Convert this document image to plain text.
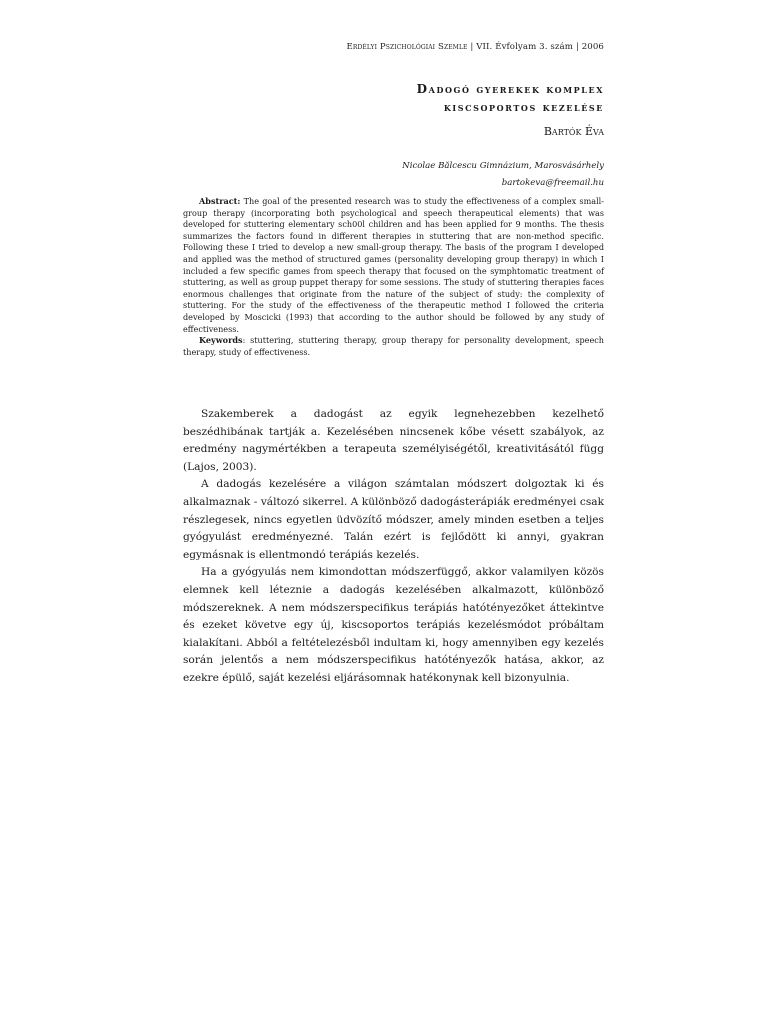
Erdélyi Pszichológiai Szemle | VII. Évfolyam 3. szám | 2006
Dadogó gyerekek komplex
kiscsoportos kezelése
Bartók Éva
Nicolae Bălcescu Gimnázium, Marosvásárhely
bartokeva@freemail.hu

Abstract: The goal of the presented research was to study the effectiveness of a complex small-group therapy (incorporating both psychological and speech therapeutical elements) that was developed for stuttering elementary sch00l children and has been applied for 9 months. The thesis summarizes the factors found in different therapies in stuttering that are non-method specific. Following these I tried to develop a new small-group therapy. The basis of the program I developed and applied was the method of structured games (personality developing group therapy) in which I included a few specific games from speech therapy that focused on the symphtomatic treatment of stuttering, as well as group puppet therapy for some sessions. The study of stuttering therapies faces enormous challenges that originate from the nature of the subject of study: the complexity of stuttering. For the study of the effectiveness of the therapeutic method I followed the criteria developed by Moscicki (1993) that according to the author should be followed by any study of effectiveness.

Keywords: stuttering, stuttering therapy, group therapy for personality development, speech therapy, study of effectiveness.

Szakemberek a dadogást az egyik legnehezebben kezelhető beszédhibának tartják a. Kezelésében nincsenek kőbe vésett szabályok, az eredmény nagymértékben a terapeuta személyiségétől, kreativitásától függ (Lajos, 2003).

A dadogás kezelésére a világon számtalan módszert dolgoztak ki és alkalmaznak - változó sikerrel. A különböző dadogásterápiák eredményei csak részlegesek, nincs egyetlen üdvözítő módszer, amely minden esetben a teljes gyógyulást eredményezné. Talán ezért is fejlődött ki annyi, gyakran egymásnak is ellentmondó terápiás kezelés.

Ha a gyógyulás nem kimondottan módszerfüggő, akkor valamilyen közös elemnek kell léteznie a dadogás kezelésében alkalmazott, különböző módszereknek. A nem módszerspecifikus terápiás hatótényezőket áttekintve és ezeket követve egy új, kiscsoportos terápiás kezelésmódot próbáltam kialakítani. Abból a feltételezésből indultam ki, hogy amennyiben egy kezelés során jelentős a nem módszerspecifikus hatótényezők hatása, akkor, az ezekre épülő, saját kezelési eljárásomnak hatékonynak kell bizonyulnia.
